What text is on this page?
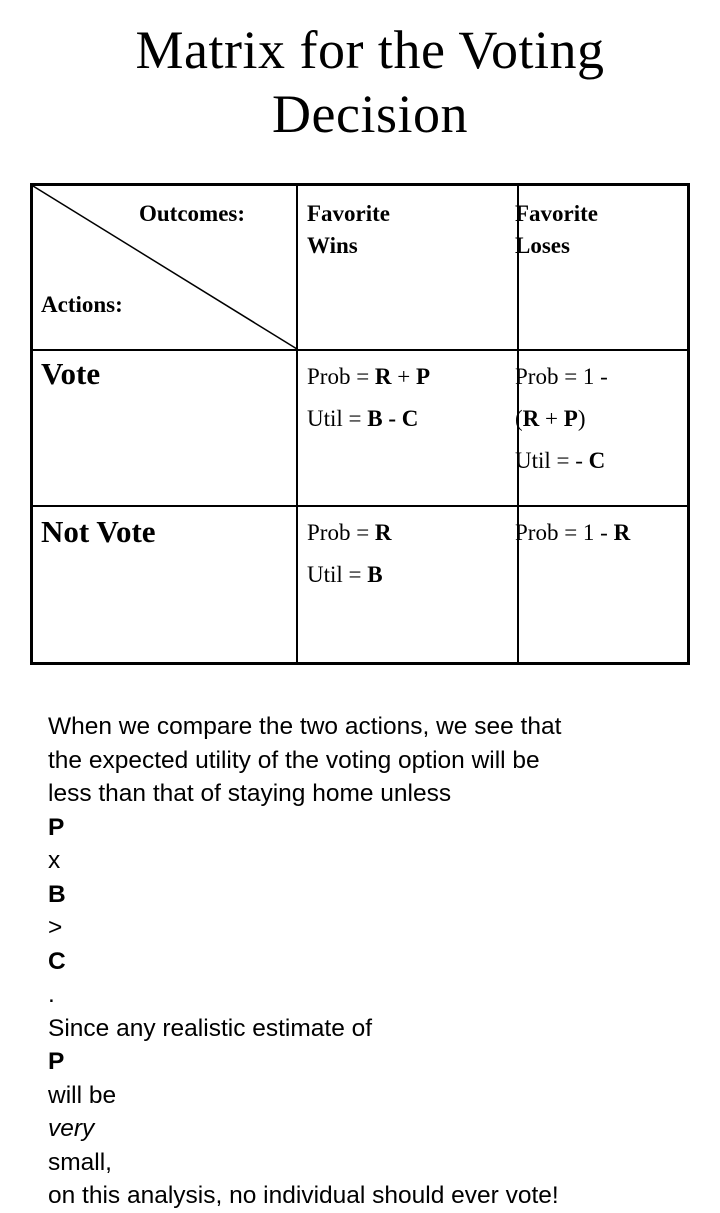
Matrix for the Voting
Decision
Outcomes:
Actions:
Favorite
Wins
Favorite
Loses
Vote	Prob = R + P
Util = B - C
Prob = 1 -
(R + P)
Util = - C
Not Vote	Prob = R
Util = B
Prob = 1 - R
When we compare the two actions, we see that
the expected utility of the voting option will be
less than that of staying home unless
P
x
B
>
C
.
Since any realistic estimate of
P
will be
very
small,
on this analysis, no individual should ever vote!
